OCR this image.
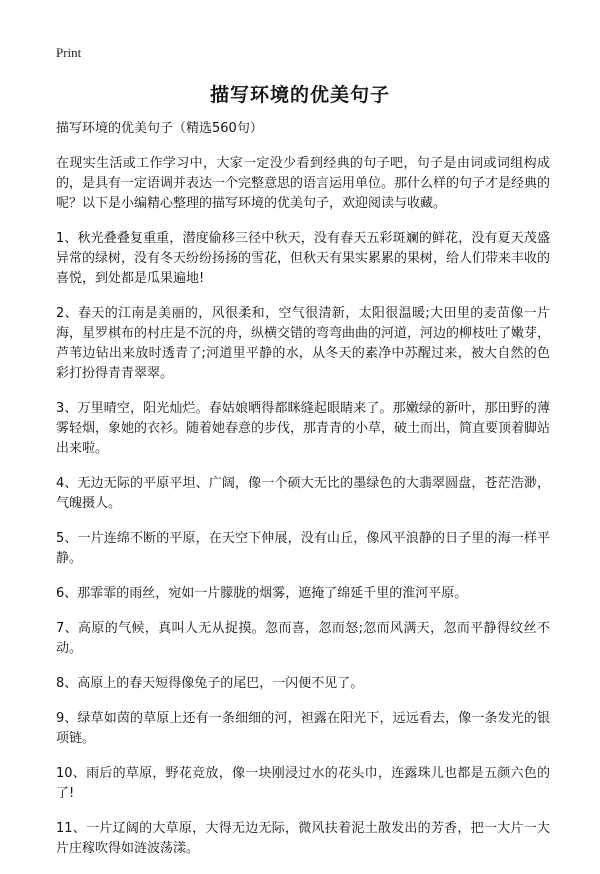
Print
描写环境的优美句子

描写环境的优美句子（精选560句）

在现实生活或工作学习中，大家一定没少看到经典的句子吧，句子是由词或词组构成的，是具有一定语调并表达一个完整意思的语言运用单位。那什么样的句子才是经典的呢？以下是小编精心整理的描写环境的优美句子，欢迎阅读与收藏。

1、秋光叠叠复重重，潜度偷移三径中秋天，没有春天五彩斑斓的鲜花，没有夏天茂盛异常的绿树，没有冬天纷纷扬扬的雪花，但秋天有果实累累的果树，给人们带来丰收的喜悦，到处都是瓜果遍地!

2、春天的江南是美丽的，风很柔和，空气很清新，太阳很温暖;大田里的麦苗像一片海，星罗棋布的村庄是不沉的舟，纵横交错的弯弯曲曲的河道，河边的柳枝吐了嫩芽，芦苇边钻出来放时透青了;河道里平静的水，从冬天的素净中苏醒过来，被大自然的色彩打扮得青青翠翠。

3、万里晴空，阳光灿烂。春姑娘晒得都眯缝起眼睛来了。那嫩绿的新叶，那田野的薄雾轻烟，象她的衣衫。随着她春意的步伐，那青青的小草，破土而出，简直要顶着脚站出来啦。

4、无边无际的平原平坦、广阔，像一个硕大无比的墨绿色的大翡翠圆盘，苍茫浩渺，气魄摄人。

5、一片连绵不断的平原，在天空下伸展，没有山丘，像风平浪静的日子里的海一样平静。

6、那霏霏的雨丝，宛如一片朦胧的烟雾，遮掩了绵延千里的淮河平原。

7、高原的气候，真叫人无从捉摸。忽而喜，忽而怒;忽而风满天，忽而平静得纹丝不动。

8、高原上的春天短得像兔子的尾巴，一闪便不见了。

9、绿草如茵的草原上还有一条细细的河，袒露在阳光下，远远看去，像一条发光的银项链。

10、雨后的草原，野花竞放，像一块刚浸过水的花头巾，连露珠儿也都是五颜六色的了!

11、一片辽阔的大草原，大得无边无际，微风扶着泥土散发出的芳香，把一大片一大片庄稼吹得如涟波荡漾。
